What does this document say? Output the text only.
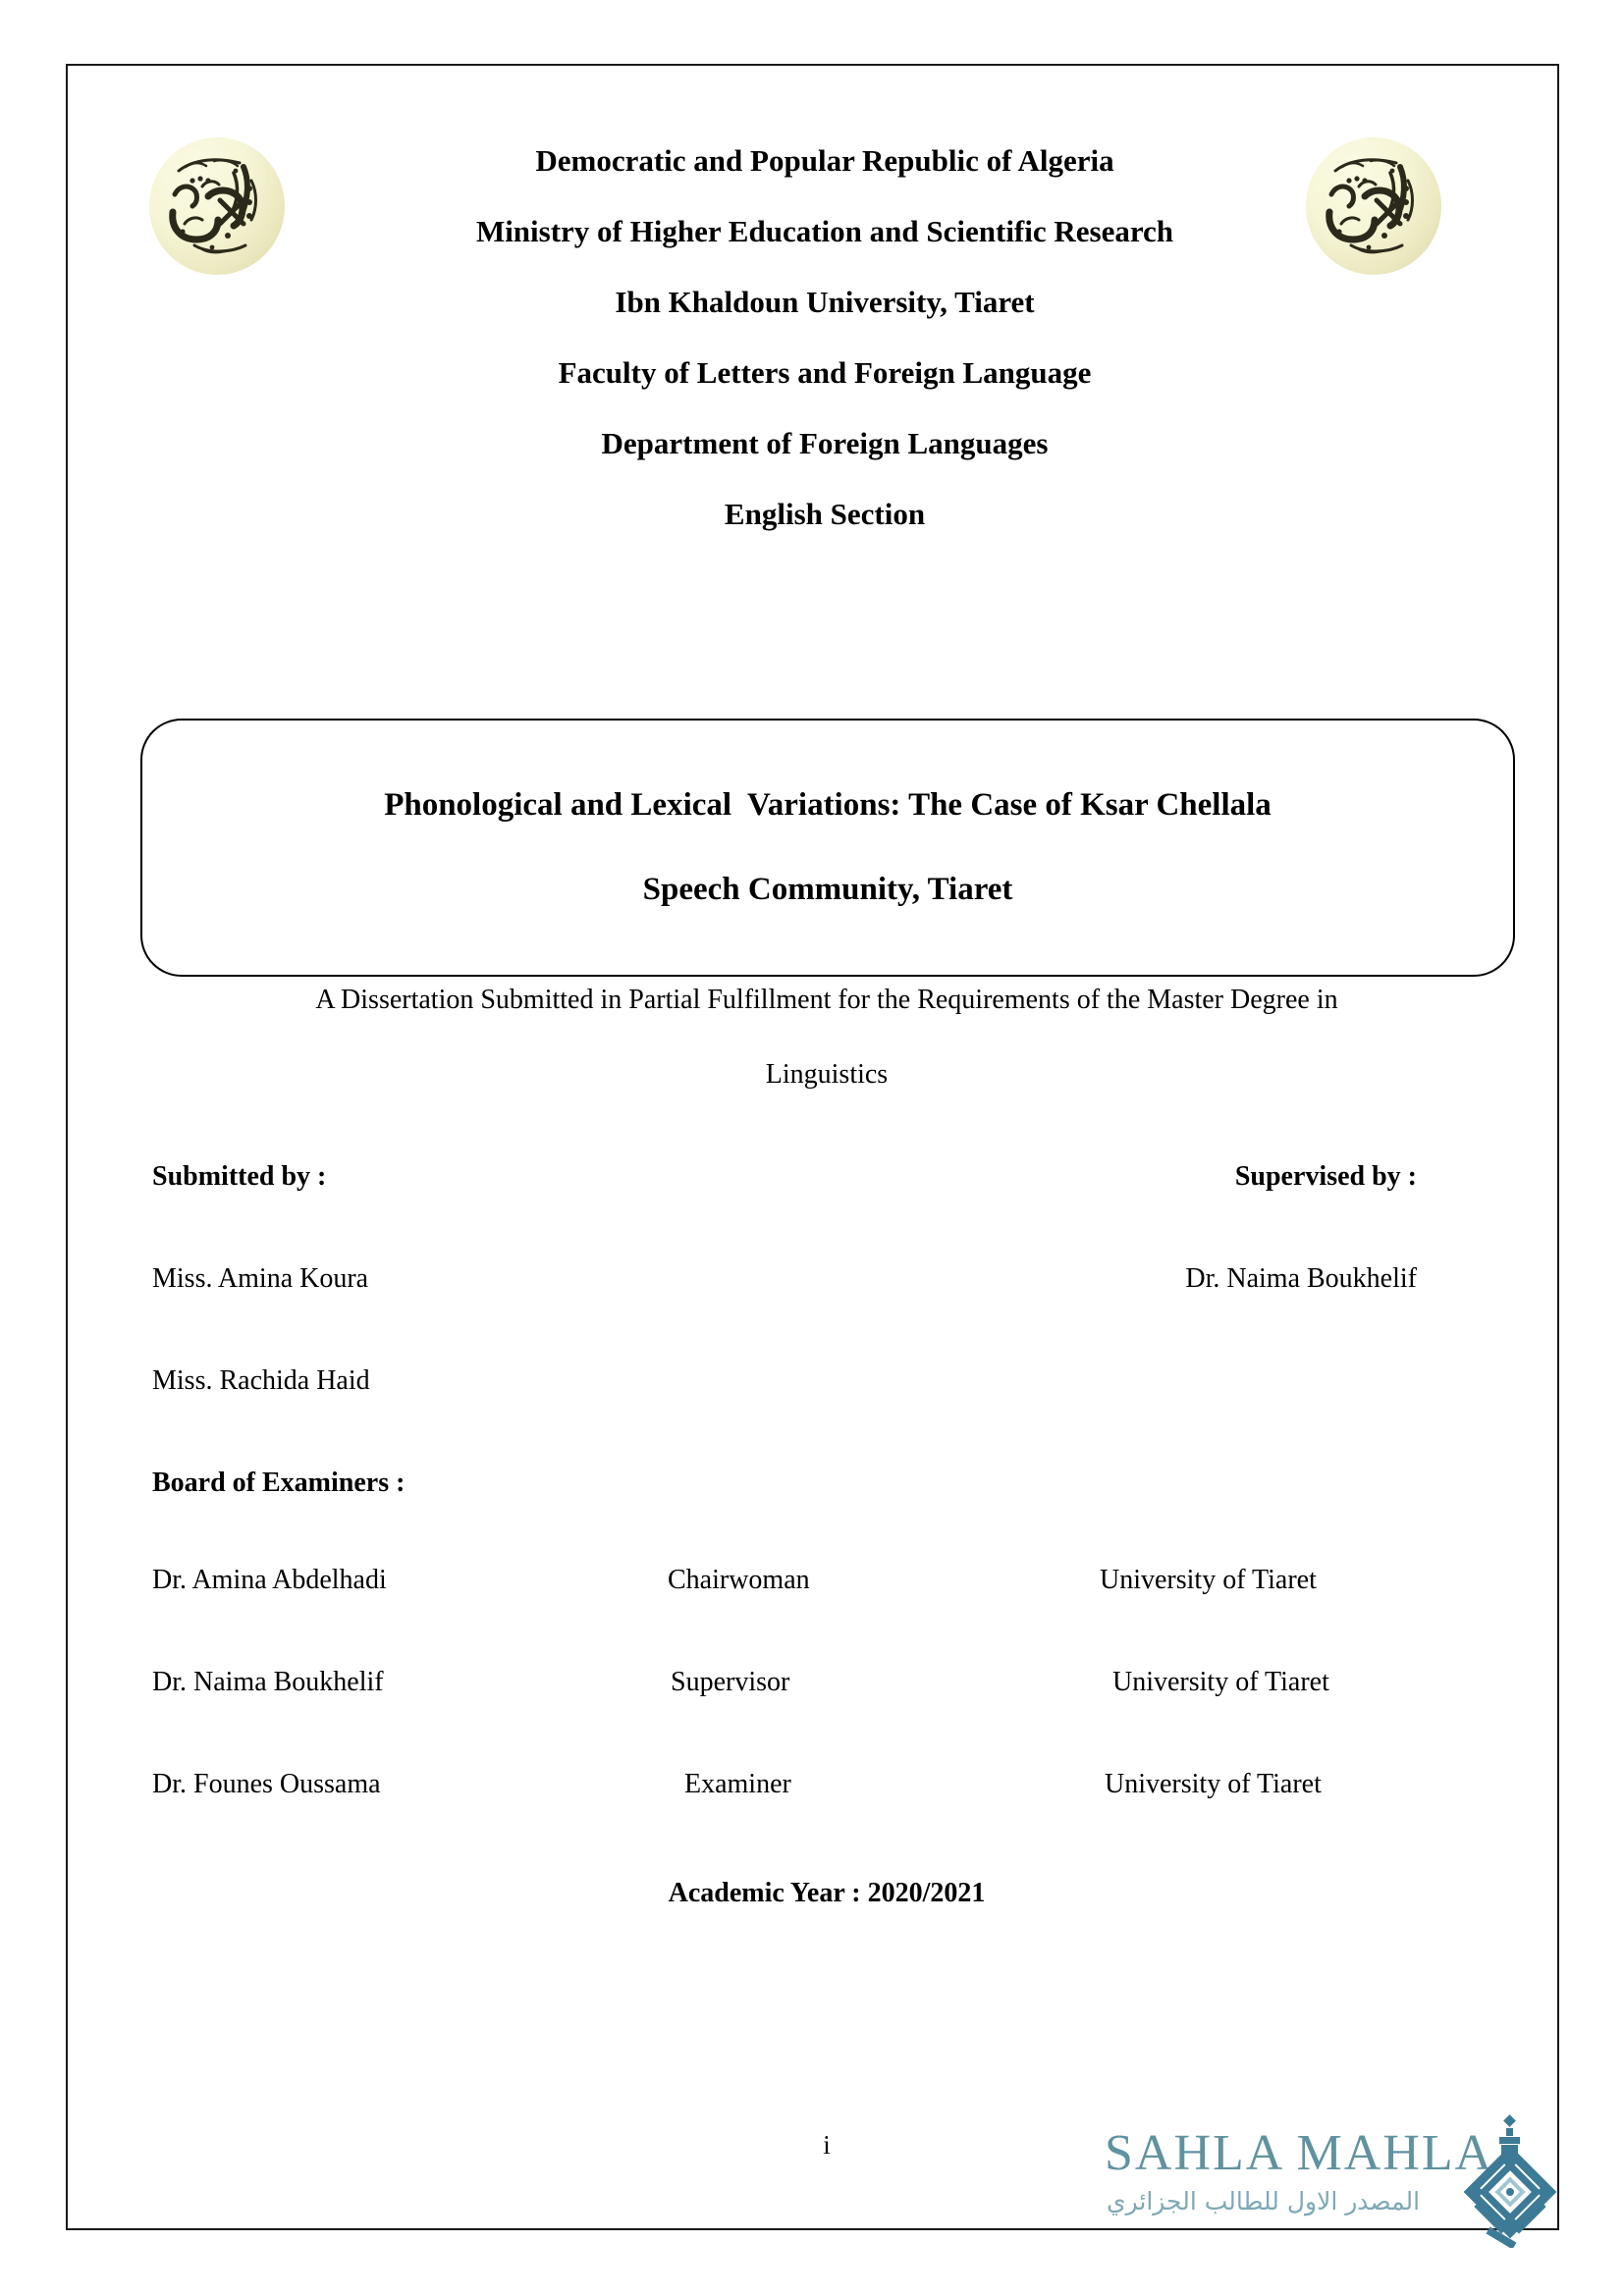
Democratic and Popular Republic of Algeria
Ministry of Higher Education and Scientific Research
Ibn Khaldoun University, Tiaret
Faculty of Letters and Foreign Language
Department of Foreign Languages
English Section
Phonological and Lexical  Variations: The Case of Ksar Chellala
Speech Community, Tiaret
A Dissertation Submitted in Partial Fulfillment for the Requirements of the Master Degree in
Linguistics
Submitted by :	Supervised by :
Miss. Amina Koura	Dr. Naima Boukhelif
Miss. Rachida Haid
Board of Examiners :
Dr. Amina Abdelhadi	Chairwoman	University of Tiaret
Dr. Naima Boukhelif	Supervisor	University of Tiaret
Dr. Founes Oussama	Examiner	University of Tiaret
Academic Year : 2020/2021
i	SAHLA MAHLA
المصدر الاول للطالب الجزائري
